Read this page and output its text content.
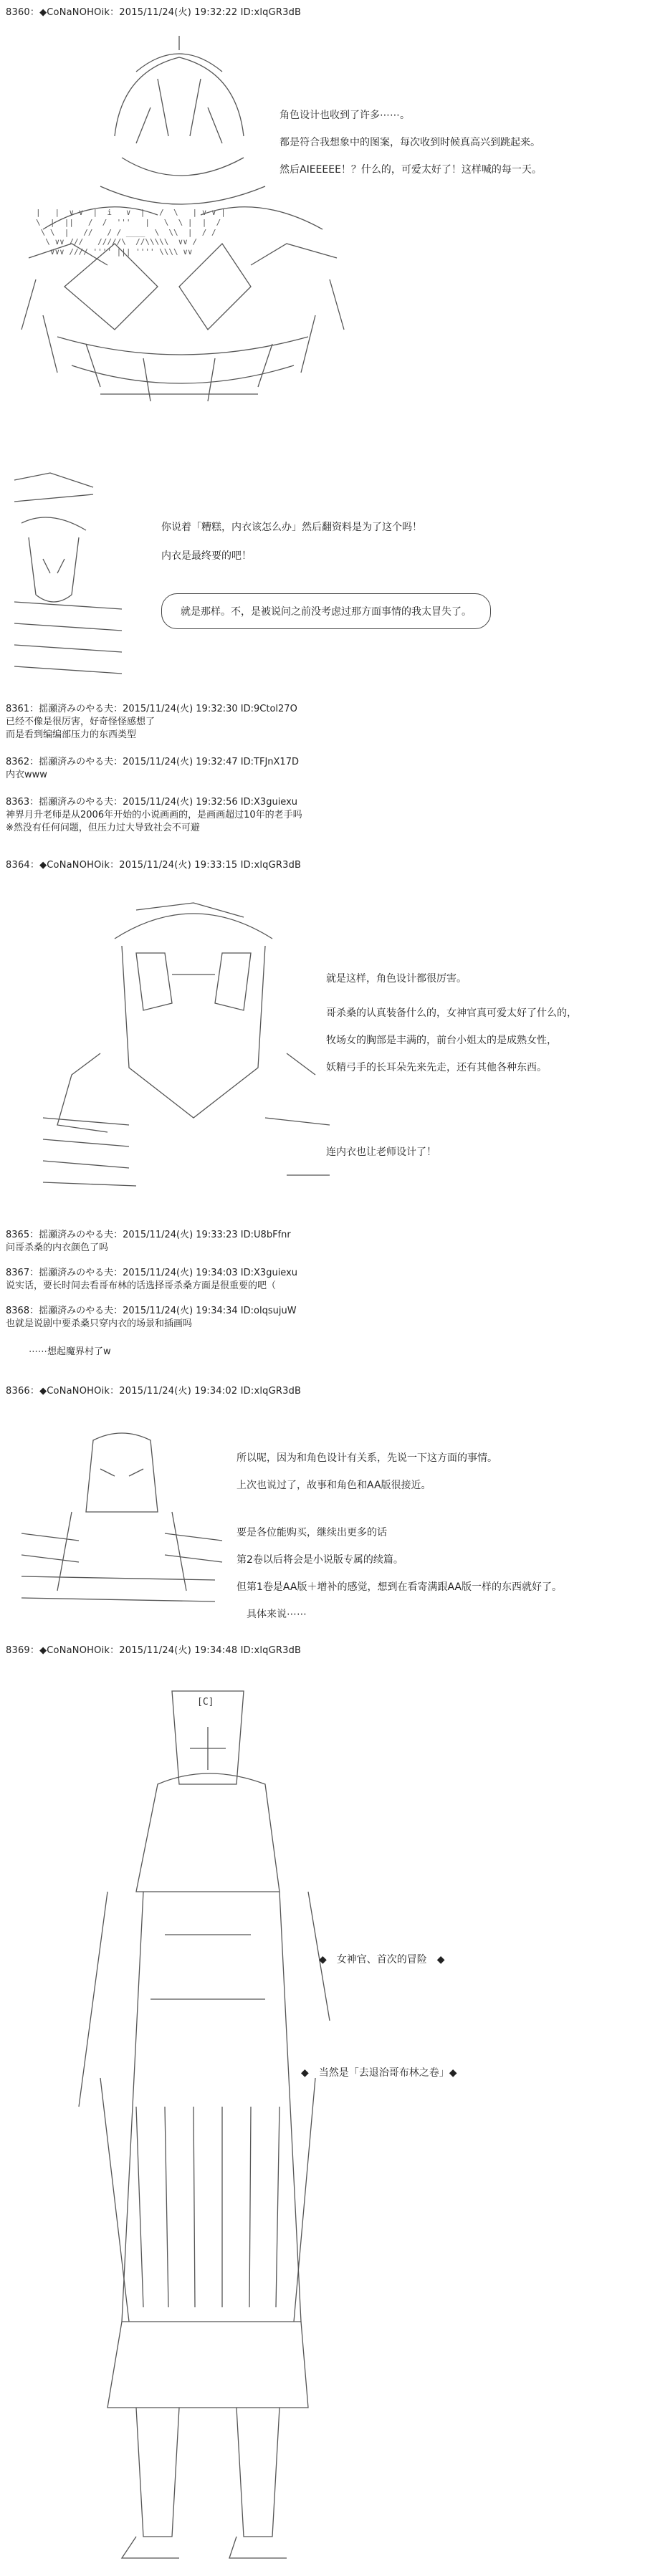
8360：◆CoNaNOHOik：2015/11/24(火) 19:32:22 ID:xlqGR3dB
|   |  ∨ ∨  |  i   ∨  |   /  \   | ∨ ∨ |
\  |  ||   /  /  '''   |   \  \ |  |  /
\ \  |   //   / / ____  \  \\  |  / /
\ ∨∨ ///   /////\  //\\\\\  ∨∨ /
∨∨∨ //// '''' ||| '''' \\\\ ∨∨
角色设计也收到了许多⋯⋯。
都是符合我想象中的图案，每次收到时候真高兴到跳起来。
然后AIEEEEE！？什么的，可爱太好了！这样喊的每一天。
你说着「糟糕，内衣该怎么办」然后翻资料是为了这个吗！
内衣是最终要的吧！
就是那样。不，是被说问之前没考虑过那方面事情的我太冒失了。
8361：揺瀬済みのやる夫：2015/11/24(火) 19:32:30 ID:9Ctol27O
已经不像是很厉害，好奇怪怪感想了
而是看到编编部压力的东西类型
8362：揺瀬済みのやる夫：2015/11/24(火) 19:32:47 ID:TFJnX17D
内衣www
8363：揺瀬済みのやる夫：2015/11/24(火) 19:32:56 ID:X3guiexu
神界月升老师是从2006年开始的小说画画的，是画画超过10年的老手吗
※然没有任何问题，但压力过大导致社会不可避
8364：◆CoNaNOHOik：2015/11/24(火) 19:33:15 ID:xlqGR3dB
就是这样，角色设计都很厉害。
哥杀桑的认真装备什么的，女神官真可爱太好了什么的，
牧场女的胸部是丰满的，前台小姐太的是成熟女性，
妖精弓手的长耳朵先来先走，还有其他各种东西。
连内衣也让老师设计了！
8365：揺瀬済みのやる夫：2015/11/24(火) 19:33:23 ID:U8bFfnr
问哥杀桑的内衣颜色了吗
8367：揺瀬済みのやる夫：2015/11/24(火) 19:34:03 ID:X3guiexu
说实话，要长时间去看哥布林的话选择哥杀桑方面是很重要的吧（
8368：揺瀬済みのやる夫：2015/11/24(火) 19:34:34 ID:olqsujuW
也就是说剧中要杀桑只穿内衣的场景和插画吗
⋯⋯想起魔界村了w
8366：◆CoNaNOHOik：2015/11/24(火) 19:34:02 ID:xlqGR3dB
所以呢，因为和角色设计有关系，先说一下这方面的事情。
上次也说过了，故事和角色和AA版很接近。
要是各位能购买，继续出更多的话
第2卷以后将会是小说版专属的续篇。
但第1卷是AA版＋增补的感觉，想到在看寄满跟AA版一样的东西就好了。
　具体来说⋯⋯
8369：◆CoNaNOHOik：2015/11/24(火) 19:34:48 ID:xlqGR3dB
[C]
◆　女神官、首次的冒险　◆
◆　当然是「去退治哥布林之卷」◆
